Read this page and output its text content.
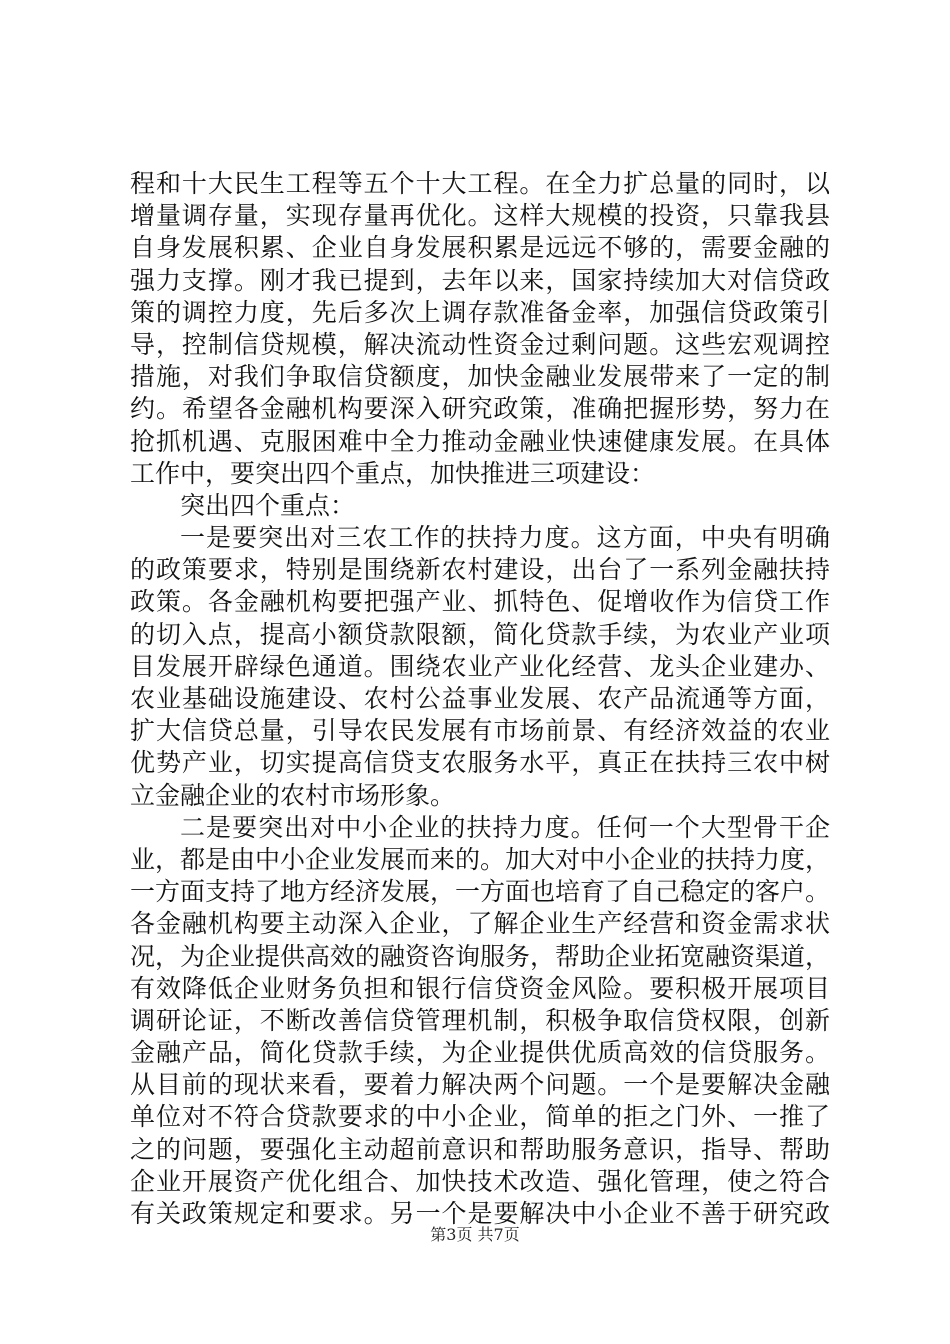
程和十大民生工程等五个十大工程。在全力扩总量的同时，以
增量调存量，实现存量再优化。这样大规模的投资，只靠我县
自身发展积累、企业自身发展积累是远远不够的，需要金融的
强力支撑。刚才我已提到，去年以来，国家持续加大对信贷政
策的调控力度，先后多次上调存款准备金率，加强信贷政策引
导，控制信贷规模，解决流动性资金过剩问题。这些宏观调控
措施，对我们争取信贷额度，加快金融业发展带来了一定的制
约。希望各金融机构要深入研究政策，准确把握形势，努力在
抢抓机遇、克服困难中全力推动金融业快速健康发展。在具体
工作中，要突出四个重点，加快推进三项建设：
突出四个重点：
一是要突出对三农工作的扶持力度。这方面，中央有明确
的政策要求，特别是围绕新农村建设，出台了一系列金融扶持
政策。各金融机构要把强产业、抓特色、促增收作为信贷工作
的切入点，提高小额贷款限额，简化贷款手续，为农业产业项
目发展开辟绿色通道。围绕农业产业化经营、龙头企业建办、
农业基础设施建设、农村公益事业发展、农产品流通等方面，
扩大信贷总量，引导农民发展有市场前景、有经济效益的农业
优势产业，切实提高信贷支农服务水平，真正在扶持三农中树
立金融企业的农村市场形象。
二是要突出对中小企业的扶持力度。任何一个大型骨干企
业，都是由中小企业发展而来的。加大对中小企业的扶持力度，
一方面支持了地方经济发展，一方面也培育了自己稳定的客户。
各金融机构要主动深入企业，了解企业生产经营和资金需求状
况，为企业提供高效的融资咨询服务，帮助企业拓宽融资渠道，
有效降低企业财务负担和银行信贷资金风险。要积极开展项目
调研论证，不断改善信贷管理机制，积极争取信贷权限，创新
金融产品，简化贷款手续，为企业提供优质高效的信贷服务。
从目前的现状来看，要着力解决两个问题。一个是要解决金融
单位对不符合贷款要求的中小企业，简单的拒之门外、一推了
之的问题，要强化主动超前意识和帮助服务意识，指导、帮助
企业开展资产优化组合、加快技术改造、强化管理，使之符合
有关政策规定和要求。另一个是要解决中小企业不善于研究政
第3页 共7页
